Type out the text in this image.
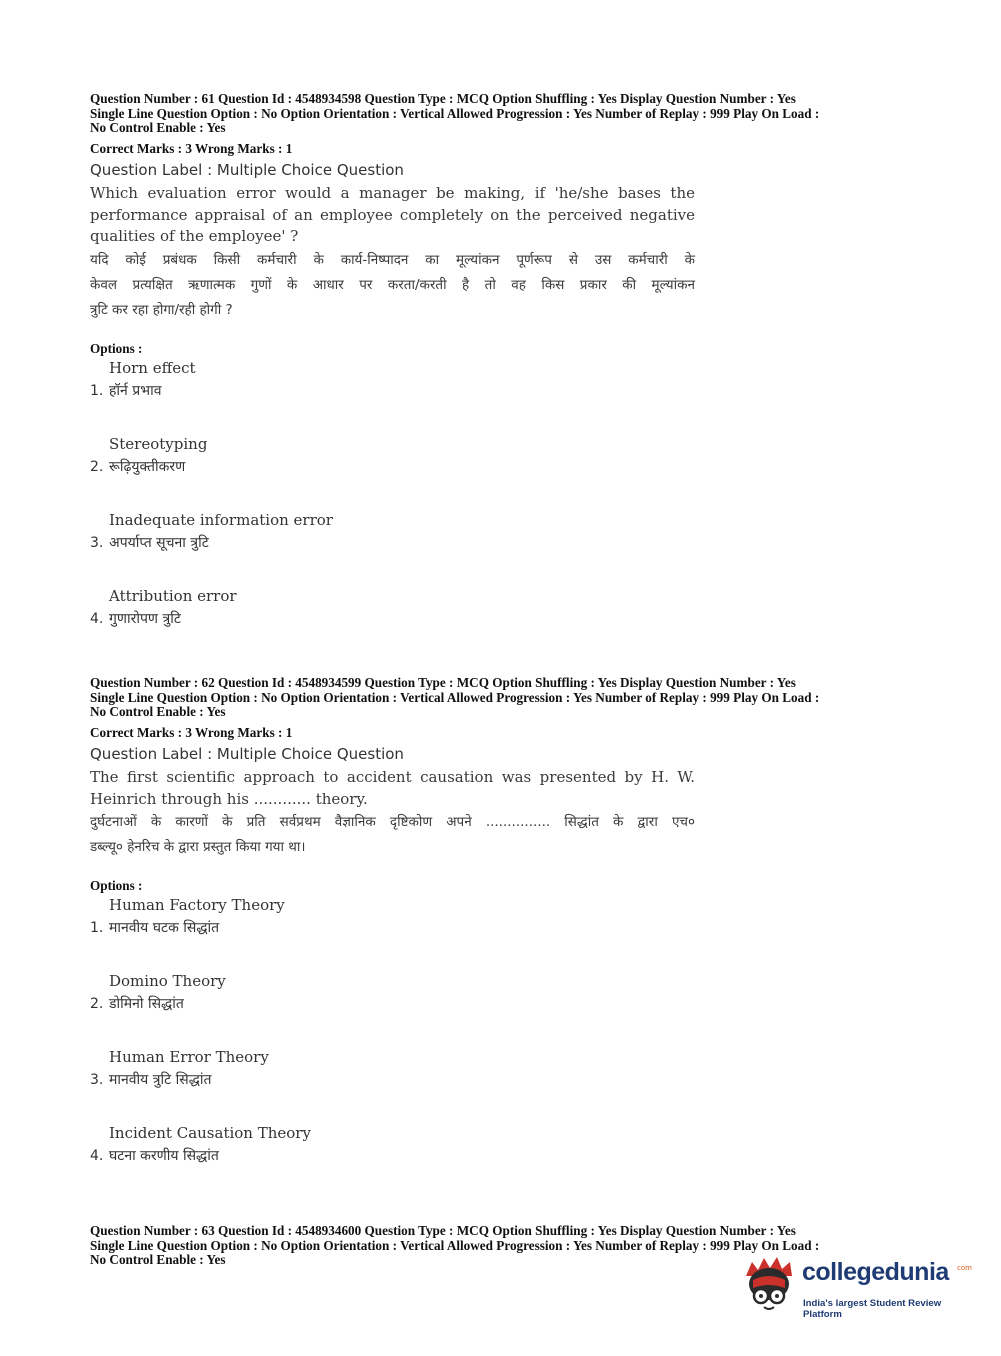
Question Number : 61 Question Id : 4548934598 Question Type : MCQ Option Shuffling : Yes Display Question Number : Yes
Single Line Question Option : No Option Orientation : Vertical Allowed Progression : Yes Number of Replay : 999 Play On Load :
No Control Enable : Yes
Correct Marks : 3 Wrong Marks : 1
Question Label : Multiple Choice Question
Which evaluation error would a manager be making, if 'he/she bases the
performance appraisal of an employee completely on the perceived negative
qualities of the employee' ?
यदि कोई प्रबंधक किसी कर्मचारी के कार्य-निष्पादन का मूल्यांकन पूर्णरूप से उस कर्मचारी के
केवल प्रत्यक्षित ऋणात्मक गुणों के आधार पर करता/करती है तो वह किस प्रकार की मूल्यांकन
त्रुटि कर रहा होगा/रही होगी ?
Options :
Horn effect
हॉर्न प्रभाव
1.
Stereotyping
रूढ़ियुक्तीकरण
2.
Inadequate information error
अपर्याप्त सूचना त्रुटि
3.
Attribution error
गुणारोपण त्रुटि
4.
Question Number : 62 Question Id : 4548934599 Question Type : MCQ Option Shuffling : Yes Display Question Number : Yes
Single Line Question Option : No Option Orientation : Vertical Allowed Progression : Yes Number of Replay : 999 Play On Load :
No Control Enable : Yes
Correct Marks : 3 Wrong Marks : 1
Question Label : Multiple Choice Question
The first scientific approach to accident causation was presented by H. W.
Heinrich through his ............ theory.
दुर्घटनाओं के कारणों के प्रति सर्वप्रथम वैज्ञानिक दृष्टिकोण अपने ............... सिद्धांत के द्वारा एच०
डब्ल्यू० हेनरिच के द्वारा प्रस्तुत किया गया था।
Options :
Human Factory Theory
मानवीय घटक सिद्धांत
1.
Domino Theory
डोमिनो सिद्धांत
2.
Human Error Theory
मानवीय त्रुटि सिद्धांत
3.
Incident Causation Theory
घटना करणीय सिद्धांत
4.
Question Number : 63 Question Id : 4548934600 Question Type : MCQ Option Shuffling : Yes Display Question Number : Yes
Single Line Question Option : No Option Orientation : Vertical Allowed Progression : Yes Number of Replay : 999 Play On Load :
No Control Enable : Yes	collegedunia com
India's largest Student Review Platform
